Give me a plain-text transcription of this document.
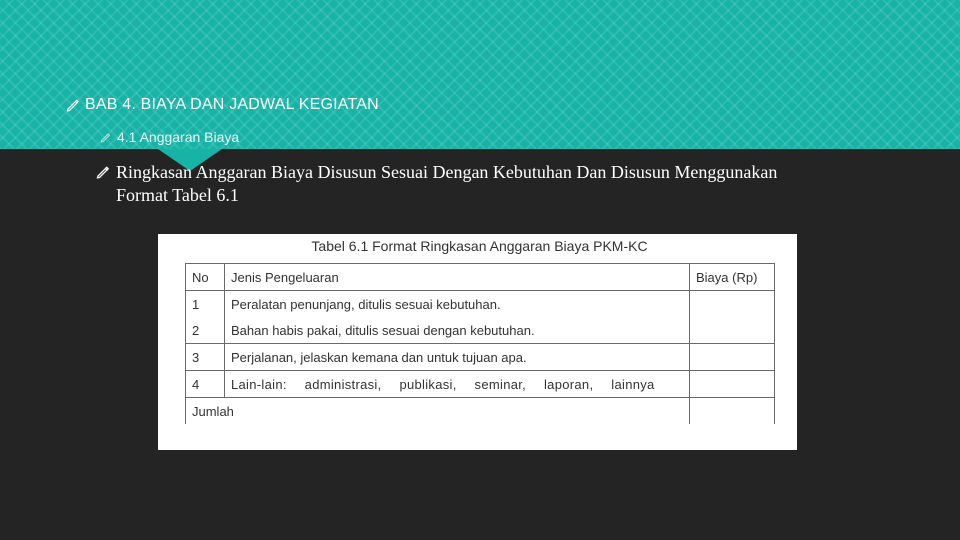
BAB 4. BIAYA DAN JADWAL KEGIATAN
4.1 Anggaran Biaya
Ringkasan Anggaran Biaya Disusun Sesuai Dengan Kebutuhan Dan Disusun Menggunakan
Format Tabel 6.1
Tabel 6.1 Format Ringkasan Anggaran Biaya PKM-KC
No	Jenis Pengeluaran	Biaya (Rp)
1	Peralatan penunjang, ditulis sesuai kebutuhan.	
2	Bahan habis pakai, ditulis sesuai dengan kebutuhan.	
3	Perjalanan, jelaskan kemana dan untuk tujuan apa.	
4	Lain-lain: administrasi, publikasi, seminar, laporan, lainnya	
Jumlah		
